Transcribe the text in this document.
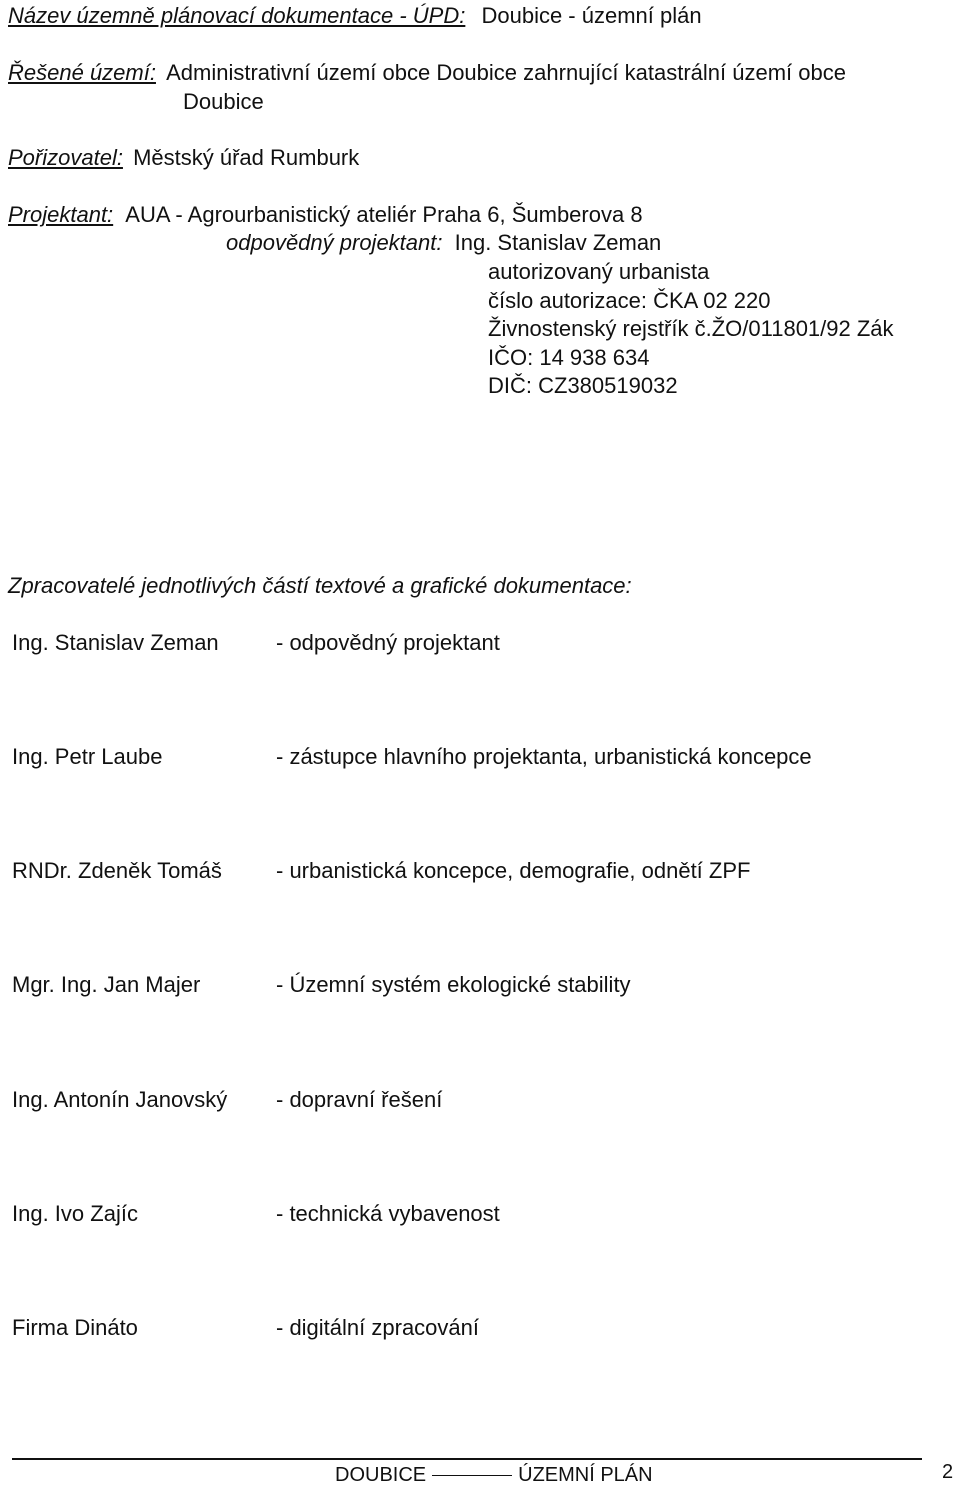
Název územně plánovací dokumentace - ÚPD: Doubice - územní plán
Řešené území: Administrativní území obce Doubice zahrnující katastrální území obce
Doubice
Pořizovatel: Městský úřad Rumburk
Projektant: AUA - Agrourbanistický ateliér Praha 6, Šumberova 8
odpovědný projektant: Ing. Stanislav Zeman
autorizovaný urbanista
číslo autorizace: ČKA 02 220
Živnostenský rejstřík č.ŽO/011801/92 Zák
IČO: 14 938 634
DIČ: CZ380519032
Zpracovatelé jednotlivých částí textové a grafické dokumentace:
Ing. Stanislav Zeman	- odpovědný projektant
Ing. Petr Laube	- zástupce hlavního projektanta, urbanistická koncepce
RNDr. Zdeněk Tomáš - urbanistická koncepce, demografie, odnětí ZPF
Mgr. Ing. Jan Majer	- Územní systém ekologické stability
Ing. Antonín Janovský - dopravní řešení
Ing. Ivo Zajíc	- technická vybavenost
Firma Dináto	- digitální zpracování
DOUBICE	ÚZEMNÍ PLÁN	2
